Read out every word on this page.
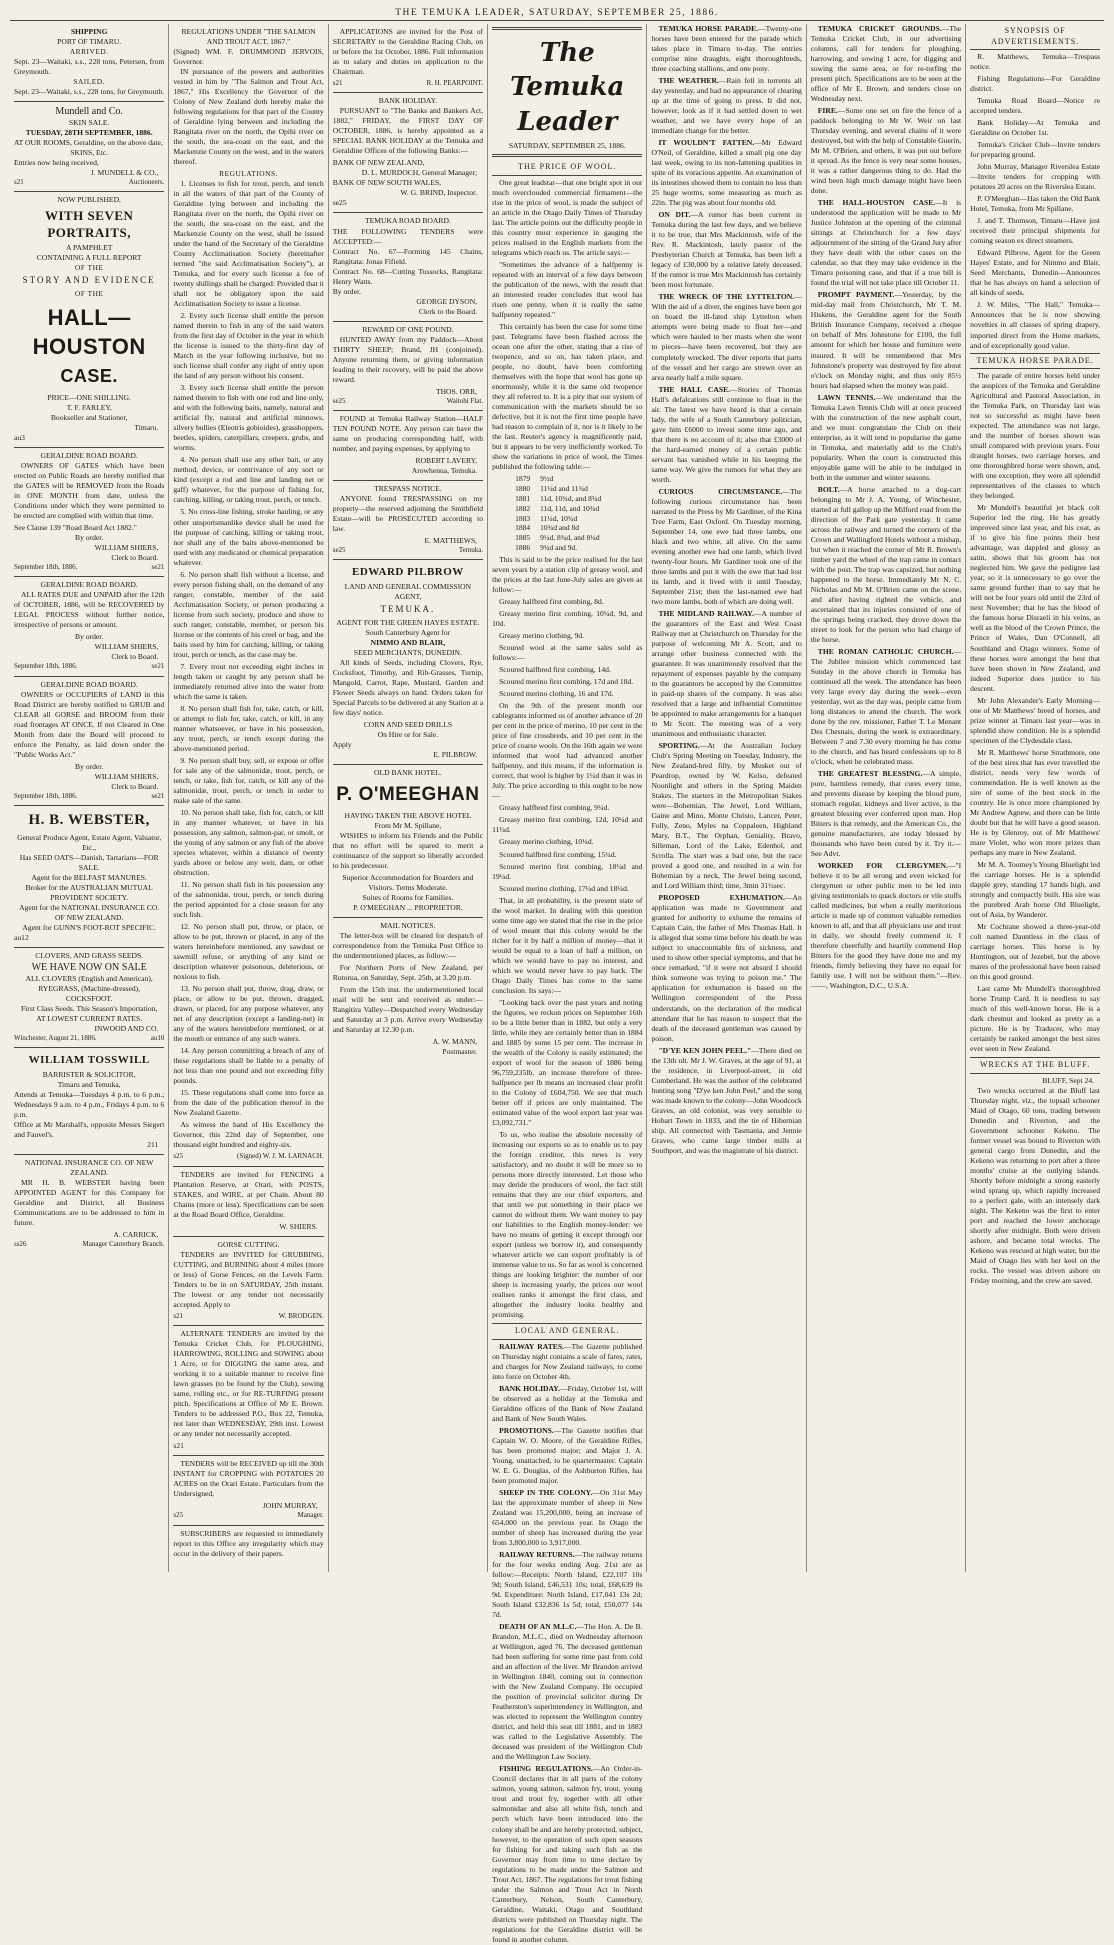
THE TEMUKA LEADER, SATURDAY, SEPTEMBER 25, 1886.
SHIPPING
PORT OF TIMARU.
ARRIVED.
Sept. 23—Waitaki, s.s., 228 tons, Petersen, from Greymouth.
SAILED.
Sept. 23—Waitaki, s.s., 228 tons, for Greymouth.
Mundell and Co.
SKIN SALE.
TUESDAY, 28TH SEPTEMBER, 1886.
AT OUR ROOMS, Geraldine, on the above date,
SKINS, Etc.
Entries now being received,
J. MUNDELL & CO.,
s21	Auctioneers.
NOW PUBLISHED,
WITH SEVEN PORTRAITS,
A PAMPHLET
CONTAINING A FULL REPORT
OF THE
STORY AND EVIDENCE
OF THE
HALL—HOUSTON
CASE.
PRICE—ONE SHILLING.
T. F. FARLEY,
Bookseller and Stationer,
Timaru.
au3
GERALDINE ROAD BOARD.

OWNERS OF GATES which have been erected on Public Roads are hereby notified that the GATES will be REMOVED from the Roads in ONE MONTH from date, unless the Conditions under which they were permitted to be erected are complied with within that time.

See Clause 139 "Road Board Act 1882."
By order.
WILLIAM SHIERS,
Clerk to Board.
September 18th, 1886.	se21
GERALDINE ROAD BOARD.

ALL RATES DUE and UNPAID after the 12th of OCTOBER, 1886, will be RECOVERED by LEGAL PROCESS without further notice, irrespective of persons or amount.

By order.
WILLIAM SHIERS,
Clerk to Board.
September 18th, 1886.	se21
GERALDINE ROAD BOARD.

OWNERS or OCCUPIERS of LAND in this Road District are hereby notified to GRUB and CLEAR all GORSE and BROOM from their road frontages AT ONCE. If not Cleared in One Month from date the Board will proceed to enforce the Penalty, as laid down under the "Public Works Act."

By order.
WILLIAM SHIERS,
Clerk to Board.
September 18th, 1886.	se21
H. B. WEBSTER,
General Produce Agent, Estate Agent, Valuator, Etc.,
Has SEED OATS—Danish, Tartarians—FOR SALE.
Agent for the BELFAST MANURES.
Broker for the AUSTRALIAN MUTUAL PROVIDENT SOCIETY.
Agent for the NATIONAL INSURANCE CO. OF NEW ZEALAND.
Agent for GUNN'S FOOT-ROT SPECIFIC.
au12
CLOVERS, AND GRASS SEEDS.
WE HAVE NOW ON SALE
ALL CLOVERS (English and American),
RYEGRASS, (Machine-dressed),
COCKSFOOT.
First Class Seeds. This Season's Importation,
AT LOWEST CURRENT RATES.
INWOOD AND CO.
Winchester, August 21, 1886.	au10
WILLIAM TOSSWILL
BARRISTER & SOLICITOR,
Timaru and Temuka,
Attends at Temuka—Tuesdays 4 p.m. to 6 p.m.; Wednesdays 9 a.m. to 4 p.m., Fridays 4 p.m. to 6 p.m.
Office at Mr Marshall's, opposite Messrs Siegert and Fauvel's.
211
NATIONAL INSURANCE CO. OF NEW ZEALAND.

MR H. B. WEBSTER having been APPOINTED AGENT for this Company for Geraldine and District, all Business Communications are to be addressed to him in future.

A. CARRICK,
ss26	Manager Canterbury Branch.
REGULATIONS UNDER "THE SALMON AND TROUT ACT, 1867."
(Signed) WM. F. DRUMMOND JERVOIS, Governor.

IN pursuance of the powers and authorities vested in him by "The Salmon and Trout Act, 1867," His Excellency the Governor of the Colony of New Zealand doth hereby make the following regulations for that part of the County of Geraldine lying between and including the Rangitata river on the north, the Opihi river on the south, the sea-coast on the east, and the Mackenzie County on the west, and in the waters thereof.

REGULATIONS.

1. Licenses to fish for trout, perch, and tench in all the waters of that part of the County of Geraldine lying between and including the Rangitata river on the north, the Opihi river on the south, the sea-coast on the east, and the Mackenzie County on the west, shall be issued under the hand of the Secretary of the Geraldine County Acclimatisation Society (hereinafter termed "the said Acclimatisation Society"), at Temuka, and for every such license a fee of twenty shillings shall be charged: Provided that it shall not be obligatory upon the said Acclimatisation Society to issue a license.

2. Every such license shall entitle the person named therein to fish in any of the said waters from the first day of October in the year in which the license is issued to the thirty-first day of March in the year following inclusive, but no such license shall confer any right of entry upon the land of any person without his consent.

3. Every such license shall entitle the person named therein to fish with one rod and line only, and with the following baits, namely, natural and artificial fly, natural and artificial minnows, silvery bullies (Eleotris gobioides), grasshoppers, beetles, spiders, caterpillars, creepers, grubs, and worms.

4. No person shall use any other bait, or any method, device, or contrivance of any sort or kind (except a rod and line and landing net or gaff) whatever, for the purpose of fishing for, catching, killing, or taking trout, perch, or tench.

5. No cross-line fishing, stroke hauling, or any other unsportsmanlike device shall be used for the purpose of catching, killing or taking trout, nor shall any of the baits above-mentioned be used with any medicated or chemical preparation whatever.

6. No person shall fish without a license, and every person fishing shall, on the demand of any ranger, constable, member of the said Acclimatisation Society, or person producing a license from such society, produce and show to such ranger, constable, member, or person his license or the contents of his creel or bag, and the baits used by him for catching, killing, or taking trout, perch or tench, as the case may be.

7. Every trout not exceeding eight inches in length taken or caught by any person shall be immediately returned alive into the water from which the same is taken.

8. No person shall fish for, take, catch, or kill, or attempt to fish for, take, catch, or kill, in any manner whatsoever, or have in his possession, any trout, perch, or tench except during the above-mentioned period.

9. No person shall buy, sell, or expose or offer for sale any of the salmonidæ, trout, perch, or tench, or take, fish for, catch, or kill any of the salmonidæ, trout, perch, or tench in order to make sale of the same.

10. No person shall take, fish for, catch, or kill in any manner whatever, or have in his possession, any salmon, salmon-par, or smolt, or the young of any salmon or any fish of the above species whatever, within a distance of twenty yards above or below any weir, dam, or other obstruction.

11. No person shall fish in his possession any of the salmonidæ, trout, perch, or tench during the period appointed for a close season for any such fish.

12. No person shall put, throw, or place, or allow to be put, thrown or placed, in any of the waters hereinbefore mentioned, any sawdust or sawmill refuse, or anything of any kind or description whatever poisonous, deleterious, or noxious to fish.

13. No person shall put, throw, drag, draw, or place, or allow to be put, thrown, dragged, drawn, or placed, for any purpose whatever, any net of any description (except a landing-net) in any of the waters hereinbefore mentioned, or at the mouth or entrance of any such waters.

14. Any person committing a breach of any of these regulations shall be liable to a penalty of not less than one pound and not exceeding fifty pounds.

15. These regulations shall come into force as from the date of the publication thereof in the New Zealand Gazette.

As witness the hand of His Excellency the Governor, this 22nd day of September, one thousand eight hundred and eighty-six.

s25	(Signed) W. J. M. LARNACH.

TENDERS are invited for FENCING a Plantation Reserve, at Orari, with POSTS, STAKES, and WIRE, at per Chain. About 80 Chains (more or less). Specifications can be seen at the Road Board Office, Geraldine.

W. SHIERS.
GORSE CUTTING.

TENDERS are INVITED for GRUBBING, CUTTING, and BURNING about 4 miles (more or less) of Gorse Fences, on the Levels Farm. Tenders to be in on SATURDAY, 25th instant. The lowest or any tender not necessarily accepted. Apply to

s21	W. BRODGEN.

ALTERNATE TENDERS are invited by the Temuka Cricket Club, for PLOUGHING, HARROWING, ROLLING and SOWING about 1 Acre, or for DIGGING the same area, and working it to a suitable manner to receive fine lawn grasses (to be found by the Club), sowing same, rolling etc., or for RE-TURFING present pitch. Specifications at Office of Mr E. Brown. Tenders to be addressed P.O., Box 22, Temuka, not later than WEDNESDAY, 29th inst. Lowest or any tender not necessarily accepted.

s21

TENDERS will be RECEIVED up till the 30th INSTANT for CROPPING with POTATOES 20 ACRES on the Orari Estate. Particulars from the Undersigned,

JOHN MURRAY,
s25	Manager.

SUBSCRIBERS are requested to immediately report to this Office any irregularity which may occur in the delivery of their papers.

APPLICATIONS are invited for the Post of SECRETARY to the Geraldine Racing Club, on or before the 1st October, 1886. Full information as to salary and duties on application to the Chairman.

s21	R. H. PEARPOINT.
BANK HOLIDAY.

PURSUANT to "The Banks and Bankers Act, 1882," FRIDAY, the FIRST DAY OF OCTOBER, 1886, is hereby appointed as a SPECIAL BANK HOLIDAY at the Temuka and Geraldine Offices of the following Banks:—

BANK OF NEW ZEALAND,
D. L. MURDOCH, General Manager;
BANK OF NEW SOUTH WALES,
W. G. BRIND, Inspector.
se25
TEMUKA ROAD BOARD.
THE FOLLOWING TENDERS were ACCEPTED:—
Contract No. 67—Forming 145 Chains, Rangitata: Jonas Fifield.
Contract No. 68—Cutting Tussocks, Rangitata: Henry Watts.
By order.
GEORGE DYSON,
Clerk to the Board.
REWARD OF ONE POUND.

HUNTED AWAY from my Paddock—About THIRTY SHEEP; Brand, JH (conjoined). Anyone returning them, or giving information leading to their recovery, will be paid the above reward.

THOS. ORR,
se25	Waitohi Flat.

FOUND at Temuka Railway Station—HALF TEN POUND NOTE. Any person can have the same on producing corresponding half, with number, and paying expenses, by applying to

ROBERT LAVERY,
Arowhenua, Temuka.
TRESPASS NOTICE.

ANYONE found TRESPASSING on my property—the reserved adjoining the Smithfield Estate—will be PROSECUTED according to law.

E. MATTHEWS,
se25	Temuka.
EDWARD PILBROW
LAND AND GENERAL COMMISSION AGENT,
TEMUKA.
AGENT FOR THE GREEN HAYES ESTATE.
South Canterbury Agent for
NIMMO AND BLAIR,
SEED MERCHANTS, DUNEDIN.

All kinds of Seeds, including Clovers, Rye, Cocksfoot, Timothy, and Rib-Grasses, Turnip, Mangold, Carrot, Rape, Mustard, Garden and Flower Seeds always on hand. Orders taken for Special Parcels to be delivered at any Station at a few days' notice.

CORN AND SEED DRILLS
On Hire or for Sale.
Apply
E. PILBROW.
OLD BANK HOTEL.
P. O'MEEGHAN
HAVING TAKEN THE ABOVE HOTEL
From Mr M. Spillane,

WISHES to inform his Friends and the Public that no effort will be spared to merit a continuance of the support so liberally accorded to his predecessor.

Superior Accommodation for Boarders and Visitors. Terms Moderate.
Suites of Rooms for Families.
P. O'MEEGHAN ... PROPRIETOR.
MAIL NOTICES.

The letter-box will be cleared for despatch of correspondence from the Temuka Post Office to the undermentioned places, as follow:—

For Northern Ports of New Zealand, per Rotorua, on Saturday, Sept. 25th, at 3.20 p.m.

From the 15th inst. the undermentioned local mail will be sent and received as under:—Rangitira Valley—Despatched every Wednesday and Saturday at 3 p.m. Arrive every Wednesday and Saturday at 12.30 p.m.

A. W. MANN,
Postmaster.
The Temuka Leader
SATURDAY, SEPTEMBER 25, 1886.
THE PRICE OF WOOL.

One great leadstar—that one bright spot in our much overclouded commercial firmament—the rise in the price of wool, is made the subject of an article in the Otago Daily Times of Thursday last. The article points out the difficulty people in this country must experience in gauging the prices realised in the English markets from the telegrams which reach us. The article says:—

"Sometimes the advance of a halfpenny is repeated with an interval of a few days between the publication of the news, with the result that an interested reader concludes that wool has risen one penny, when it is really the same halfpenny repeated."

This certainly has been the case for some time past. Telegrams have been flashed across the ocean one after the other, stating that a rise of twopence, and so on, has taken place, and people, no doubt, have been comforting themselves with the hope that wool has gone up enormously, while it is the same old twopence they all referred to. It is a pity that our system of communication with the markets should be so defective, but it is not the first time people have had reason to complain of it, nor is it likely to be the last. Reuter's agency is magnificently paid, but it appears to be very inefficiently worked. To show the variations in price of wool, the Times published the following table:—

1879	9½d
1880	11¼d and 11¾d
1881	11d, 10¾d, and 8¾d
1882	11d, 11d, and 10¾d
1883	11¼d, 10¾d
1884	10¾d and 8d
1885	9¼d, 8¾d, and 8¼d
1886	9¾d and 9d.

This is said to be the price realised for the last seven years by a station clip of greasy wool, and the prices at the last June-July sales are given as follow:—

Greasy halfbred first combing, 8d.

Greasy merino first combing, 10¼d, 9d, and 10d.

Greasy merino clothing, 9d.

Scoured wool at the same sales sold as follows:—

Scoured halfbred first combing, 14d.

Scoured merino first combing, 17d and 18d.

Scoured merino clothing, 16 and 17d.

On the 9th of the present month our cablegrams informed us of another advance of 20 per cent in the price of merino, 10 per cent in the price of fine crossbreds, and 10 per cent in the price of coarse wools. On the 16th again we were informed that wool had advanced another halfpenny, and this means, if the information is correct, that wool is higher by 1¼d than it was in July. The price according to this ought to be now—

Greasy halfbred first combing, 9¼d.

Greasy merino first combing, 12d, 10¼d and 11¼d.

Greasy merino clothing, 10¼d.

Scoured halfbred first combing, 15¼d.

Scoured merino first combing, 18¼d and 19¼d.

Scoured merino clothing, 17¼d and 18¼d.

That, in all probability, is the present state of the wool market. In dealing with this question some time ago we stated that the rise in the price of wool meant that this colony would be the richer for it by half a million of money—that it would be equal to a loan of half a million, on which we would have to pay no interest, and which we would never have to pay back. The Otago Daily Times has come to the same conclusion. Its says:—

"Looking back over the past years and noting the figures, we reckon prices on September 16th to be a little better than in 1882, but only a very little, while they are certainly better than in 1884 and 1885 by some 15 per cent. The increase in the wealth of the Colony is easily estimated; the export of wool for the season of 1886 being 96,759,235lb, an increase therefore of three-halfpence per lb means an increased clear profit to the Colony of £604,750. We see that much better off if prices are only maintained. The estimated value of the wool export last year was £3,092,731."

To us, who realise the absolute necessity of increasing our exports so as to enable us to pay the foreign creditor, this news is very satisfactory, and no doubt it will be more so to persons more directly interested. Let those who may deride the producers of wool, the fact still remains that they are our chief exporters, and that until we put something in their place we cannot do without them. We want money to pay our liabilities to the English money-lender: we have no means of getting it except through our export (unless we borrow it), and consequently whatever article we can export profitably is of immense value to us. So far as wool is concerned things are looking brighter: the number of our sheep is increasing yearly, the prices our wool realises ranks it amongst the first class, and altogether the industry looks healthy and promising.

LOCAL AND GENERAL.

RAILWAY RATES.—The Gazette published on Thursday night contains a scale of fares, rates, and charges for New Zealand railways, to come into force on October 4th.

BANK HOLIDAY.—Friday, October 1st, will be observed as a holiday at the Temuka and Geraldine offices of the Bank of New Zealand and Bank of New South Wales.

PROMOTIONS.—The Gazette notifies that Captain W. O. Moore, of the Geraldine Rifles, has been promoted major; and Major J. A. Young, unattached, to be quartermaster. Captain W. E. G. Douglas, of the Ashburton Rifles, has been promoted major.

SHEEP IN THE COLONY.—On 31st May last the approximate number of sheep in New Zealand was 15,200,000, being an increase of 654,000 on the previous year. In Otago the number of sheep has increased during the year from 3,800,000 to 3,917,000.

RAILWAY RETURNS.—The railway returns for the four weeks ending Aug. 21st are as follow:—Receipts: North Island, £22,107 10s 9d; South Island, £46,531 10s; total, £68,639 0s 9d. Expenditure: North Island, £17,041 13s 2d; South Island £32,836 1s 5d; total, £50,077 14s 7d.

DEATH OF AN M.L.C.—The Hon. A. De B. Brandon, M.L.C., died on Wednesday afternoon at Wellington, aged 76. The deceased gentleman had been suffering for some time past from cold and an affection of the liver. Mr Brandon arrived in Wellington 1840, coming out in connection with the New Zealand Company. He occupied the position of provincial solicitor during Dr Featherston's superintendency in Wellington, and was elected to represent the Wellington country district, and held this seat till 1881, and in 1883 was called to the Legislative Assembly. The deceased was president of the Wellington Club and the Wellington Law Society.

FISHING REGULATIONS.—An Order-in-Council declares that in all parts of the colony salmon, young salmon, salmon fry, trout, young trout and trout fry, together with all other salmonidae and also all white fish, tench and perch which have been introduced into the colony shall be and are hereby protected, subject, however, to the operation of such open seasons for fishing for and taking such fish as the Governor may from time to time declare by regulations to be made under the Salmon and Trout Act, 1867. The regulations for trout fishing under the Salmon and Trout Act in North Canterbury, Nelson, South Canterbury, Geraldine, Waitaki, Otago and Southland districts were published on Thursday night. The regulations for the Geraldine district will be found in another column.

TEMUKA HORSE PARADE.—Twenty-one horses have been entered for the parade which takes place in Timaru to-day. The entries comprise nine draughts, eight thoroughbreds, three coaching stallions, and one pony.

THE WEATHER.—Rain fell in torrents all day yesterday, and had no appearance of clearing up at the time of going to press. It did not, however, look as if it had settled down to wet weather, and we have every hope of an immediate change for the better.

IT WOULDN'T FATTEN.—Mr Edward O'Neil, of Geraldine, killed a small pig one day last week, owing to its non-fattening qualities in spite of its voracious appetite. An examination of its intestines showed them to contain no less than 25 huge worms, some measuring as much as 22in. The pig was about four months old.

ON DIT.—A rumor has been current in Temuka during the last few days, and we believe it to be true, that Mrs Mackintosh, wife of the Rev. R. Mackintosh, lately pastor of the Presbyterian Church at Temuka, has been left a legacy of £30,000 by a relative lately deceased. If the rumor is true Mrs Mackintosh has certainly been most fortunate.

THE WRECK OF THE LYTTELTON.—With the aid of a diver, the engines have been got on board the ill-fated ship Lyttelton when attempts were being made to float her—and which were hauled to her masts when she went to pieces—have been recovered, but they are completely wrecked. The diver reports that parts of the vessel and her cargo are strewn over an area nearly half a mile square.

THE HALL CASE.—Stories of Thomas Hall's defalcations still continue to float in the air. The latest we have heard is that a certain lady, the wife of a South Canterbury politician, gave him £6000 to invest some time ago, and that there is no account of it; also that £3000 of the hard-earned money of a certain public servant has vanished while in his keeping the same way. We give the rumors for what they are worth.

CURIOUS CIRCUMSTANCE.—The following curious circumstance has been narrated to the Press by Mr Gardiner, of the Kina Tree Farm, East Oxford. On Tuesday morning, September 14, one ewe had three lambs, one black and two white, all alive. On the same evening another ewe had one lamb, which lived twenty-four hours. Mr Gardiner took one of the three lambs and put it with the ewe that had lost its lamb, and it lived with it until Tuesday, September 21st; then the last-named ewe had two more lambs, both of which are doing well.

THE MIDLAND RAILWAY.—A number of the guarantors of the East and West Coast Railway met at Christchurch on Thursday for the purpose of welcoming Mr A. Scott, and to arrange other business connected with the guarantee. It was unanimously resolved that the repayment of expenses payable by the company to the guarantors be accepted by the Committee in paid-up shares of the company. It was also resolved that a large and influential Committee be appointed to make arrangements for a banquet to Mr Scott. The meeting was of a very unanimous and enthusiastic character.

SPORTING.—At the Australian Jockey Club's Spring Meeting on Tuesday, Industry, the New Zealand-bred filly, by Musket out of Peardrop, owned by W. Kelso, defeated Noonlight and others in the Spring Maiden Stakes. The starters in the Metropolitan Stakes were—Bohemian, The Jewel, Lord William, Gaine and Mino, Monte Christo, Lancer, Peter, Folly, Zeno, Myles na Coppaleen, Highland Mary, B.T., The Orphan, Geniality, Bravo, Silleman, Lord of the Lake, Edenhol, and Scrolla. The start was a bad one, but the race proved a good one, and resulted in a win for Bohemian by a neck, The Jewel being second, and Lord William third; time, 3min 31½sec.

PROPOSED EXHUMATION.—An application was made to Government and granted for authority to exhume the remains of Captain Cain, the father of Mrs Thomas Hall. It is alleged that some time before his death he was subject to unaccountable fits of sickness, and used to show other special symptoms, and that he once remarked, "if it were not absurd I should think someone was trying to poison me." The application for exhumation is based on the Wellington correspondent of the Press understands, on the declaration of the medical attendant that he has reason to suspect that the death of the deceased gentleman was caused by poison.

"D'YE KEN JOHN PEEL."—There died on the 13th ult. Mr J. W. Graves, at the age of 91, at the residence, in Liverpool-street, in old Cumberland. He was the author of the celebrated hunting song "D'ye ken John Peel," and the song was made known to the colony—John Woodcock Graves, an old colonist, was very sensible to Hobart Town in 1833, and the tie of Hibernian ship. All connected with Tasmania, and Jennie Graves, who came large timber mills at Southport, and was the magistrate of his district.

TEMUKA CRICKET GROUNDS.—The Temuka Cricket Club, in our advertising columns, call for tenders for ploughing, harrowing, and sowing 1 acre, for digging and sowing the same area, or for re-turfing the present pitch. Specifications are to be seen at the office of Mr E. Brown, and tenders close on Wednesday next.

FIRE.—Some one set on fire the fence of a paddock belonging to Mr W. Weir on last Thursday evening, and several chains of it were destroyed, but with the help of Constable Guerin, Mr M. O'Brien, and others, it was put out before it spread. As the fence is very near some houses, it was a rather dangerous thing to do. Had the wind been high much damage might have been done.

THE HALL-HOUSTON CASE.—It is understood the application will be made to Mr Justice Johnston at the opening of the criminal sittings at Christchurch for a few days' adjournment of the sitting of the Grand Jury after they have dealt with the other cases on the calendar, so that they may take evidence in the Timaru poisoning case, and that if a true bill is found the trial will not take place till October 11.

PROMPT PAYMENT.—Yesterday, by the mid-day mail from Christchurch, Mr T. M. Hiskens, the Geraldine agent for the South British Insurance Company, received a cheque on behalf of Mrs Johnstone for £100, the full amount for which her house and furniture were insured. It will be remembered that Mrs Johnstone's property was destroyed by fire about o'clock on Monday night, and thus only 85½ hours had elapsed when the money was paid.

LAWN TENNIS.—We understand that the Temuka Lawn Tennis Club will at once proceed with the construction of the new asphalt court, and we must congratulate the Club on their enterprise, as it will tend to popularise the game in Temuka, and materially add to the Club's popularity. When the court is constructed this enjoyable game will be able to be indulged in both in the summer and winter seasons.

BOLT.—A horse attached to a dog-cart belonging to Mr J. A. Young, of Winchester, started at full gallop up the Milford road from the direction of the Park gate yesterday. It came across the railway and turned the corners of the Crown and Wallingford Hotels without a mishap, but when it reached the corner of Mr R. Brown's timber yard the wheel of the trap came in contact with the post. The trap was capsized, but nothing happened to the horse. Immediately Mr N. C. Nicholas and Mr M. O'Brien came on the scene, and after having righted the vehicle, and ascertained that its injuries consisted of one of the springs being cracked, they drove down the street to look for the person who had charge of the horse.

THE ROMAN CATHOLIC CHURCH.—The Jubilee mission which commenced last Sunday in the above church in Temuka has continued all the week. The attendance has been very large every day during the week—even yesterday, wet as the day was, people came from long distances to attend the church. The work done by the rev. missioner, Father T. Le Menant Des Chesnais, during the week is extraordinary. Between 7 and 7.30 every morning he has come to the church, and has heard confessions up to 8 o'clock, when he celebrated mass.

THE GREATEST BLESSING.—A simple, pure, harmless remedy, that cures every time, and prevents disease by keeping the blood pure, stomach regular, kidneys and liver active, is the greatest blessing ever conferred upon man. Hop Bitters is that remedy, and the American Co., the genuine manufacturers, are today blessed by thousands who have been cured by it. Try it.—See Advt.

WORKED FOR CLERGYMEN.—"I believe it to be all wrong and even wicked for clergymen or other public men to be led into giving testimonials to quack doctors or vile stuffs called medicines, but when a really meritorious article is made up of common valuable remedies known to all, and that all physicians use and trust in daily, we should freely commend it. I therefore cheerfully and heartily commend Hop Bitters for the good they have done me and my friends, firmly believing they have no equal for family use. I will not be without them."—Rev. ——, Washington, D.C., U.S.A.

SYNOPSIS OF ADVERTISEMENTS.

R. Matthews, Temuka—Trespass notice.

Fishing Regulations—For Geraldine district.

Temuka Road Board—Notice re accepted tenders.

Bank Holiday—At Temuka and Geraldine on October 1st.

Temuka's Cricket Club—Invite tenders for preparing ground.

John Murray, Manager Riverslea Estate—Invite tenders for cropping with potatoes 20 acres on the Riverslea Estate.

P. O'Meeghan—Has taken the Old Bank Hotel, Temuka, from Mr Spillane.

J. and T. Thomson, Timaru—Have just received their principal shipments for coming season ex direct steamers.

Edward Pilbrow, Agent for the Green Hayes' Estate, and for Nimmo and Blair, Seed Merchants, Dunedin—Announces that he has always on hand a selection of all kinds of seeds.

J. W. Miles, "The Hall," Temuka—Announces that he is now showing novelties in all classes of spring drapery, imported direct from the Home markets, and of exceptionally good value.

TEMUKA HORSE PARADE.

The parade of entire horses held under the auspices of the Temuka and Geraldine Agricultural and Pastoral Association, in the Temuka Park, on Thursday last was not so successful as might have been expected. The attendance was not large, and the number of horses shown was small compared with previous years. Four draught horses, two carriage horses, and one thoroughbred horse were shown, and, with one exception, they were all splendid representatives of the classes to which they belonged.

Mr Mundell's beautiful jet black colt Superior led the ring. He has greatly improved since last year, and his coat, as if to give his fine points their best advantage, was dappled and glossy as satin, shows that his groom has not neglected him. We gave the pedigree last year, so it is unnecessary to go over the same ground further than to say that he will not be four years old until the 23rd of next November; that he has the blood of the famous horse Disraeli in his veins, as well as the blood of the Crown Prince, the Prince of Wales, Dan O'Connell, all Southland and Otago winners. Some of these horses were amongst the best that have been shown in New Zealand, and indeed Superior does justice to his descent.

Mr John Alexander's Early Morning—one of Mr Matthews' breed of horses, and prize winner at Timaru last year—was in splendid show condition. He is a splendid specimen of the Clydesdale class.

Mr R. Matthews' horse Strathmore, one of the best sires that has ever travelled the district, needs very few words of commendation. He is well known as the sire of some of the best stock in the country. He is once more championed by Mr Andrew Agnew, and there can be little doubt but that he will have a good season. He is by Glenroy, out of Mr Matthews' mare Violet, who won more prizes than perhaps any mare in New Zealand.

Mr M. A. Toomey's Young Bluelight led the carriage horses. He is a splendid dapple grey, standing 17 hands high, and strongly and compactly built. His sire was the purebred Arab horse Old Bluelight, out of Asia, by Wanderer.

Mr Cochrane showed a three-year-old colt named Dauntless in the class of carriage horses. This horse is by Huntington, out of Jezebel, but the above mares of the professional have been raised on this good ground.

Last came Mr Mundell's thoroughbred horse Trump Card. It is needless to say much of this well-known horse. He is a dark chestnut and looked as pretty as a picture. He is by Traducer, who may certainly be ranked amongst the best sires ever seen in New Zealand.

WRECKS AT THE BLUFF.
BLUFF, Sept 24.

Two wrecks occurred at the Bluff last Thursday night, viz., the topsail schooner Maid of Otago, 60 tons, trading between Dunedin and Riverton, and the Government schooner Kekeno. The former vessel was bound to Riverton with general cargo from Dunedin, and the Kekeno was returning to port after a three months' cruise at the outlying islands. Shortly before midnight a strong easterly wind sprang up, which rapidly increased to a perfect gale, with an intensely dark night. The Kekeno was the first to enter port and reached the lower anchorage shortly after midnight. Both were driven ashore, and became total wrecks. The Kekeno was rescued at high water, but the Maid of Otago lies with her keel on the rocks. The vessel was driven ashore on Friday morning, and the crew are saved.
